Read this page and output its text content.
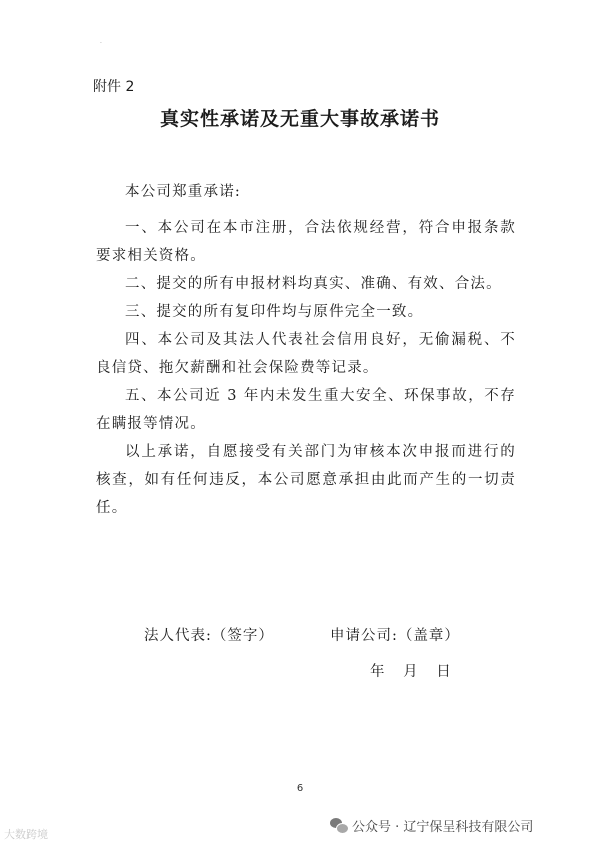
·
附件 2
真实性承诺及无重大事故承诺书

本公司郑重承诺:

一、本公司在本市注册，合法依规经营，符合申报条款要求相关资格。

二、提交的所有申报材料均真实、准确、有效、合法。

三、提交的所有复印件均与原件完全一致。

四、本公司及其法人代表社会信用良好，无偷漏税、不良信贷、拖欠薪酬和社会保险费等记录。

五、本公司近 3 年内未发生重大安全、环保事故，不存在瞒报等情况。

以上承诺，自愿接受有关部门为审核本次申报而进行的核查，如有任何违反，本公司愿意承担由此而产生的一切责任。

法人代表:（签字）	申请公司:（盖章）
年 月 日
6
大数跨境	公众号 · 辽宁保呈科技有限公司
